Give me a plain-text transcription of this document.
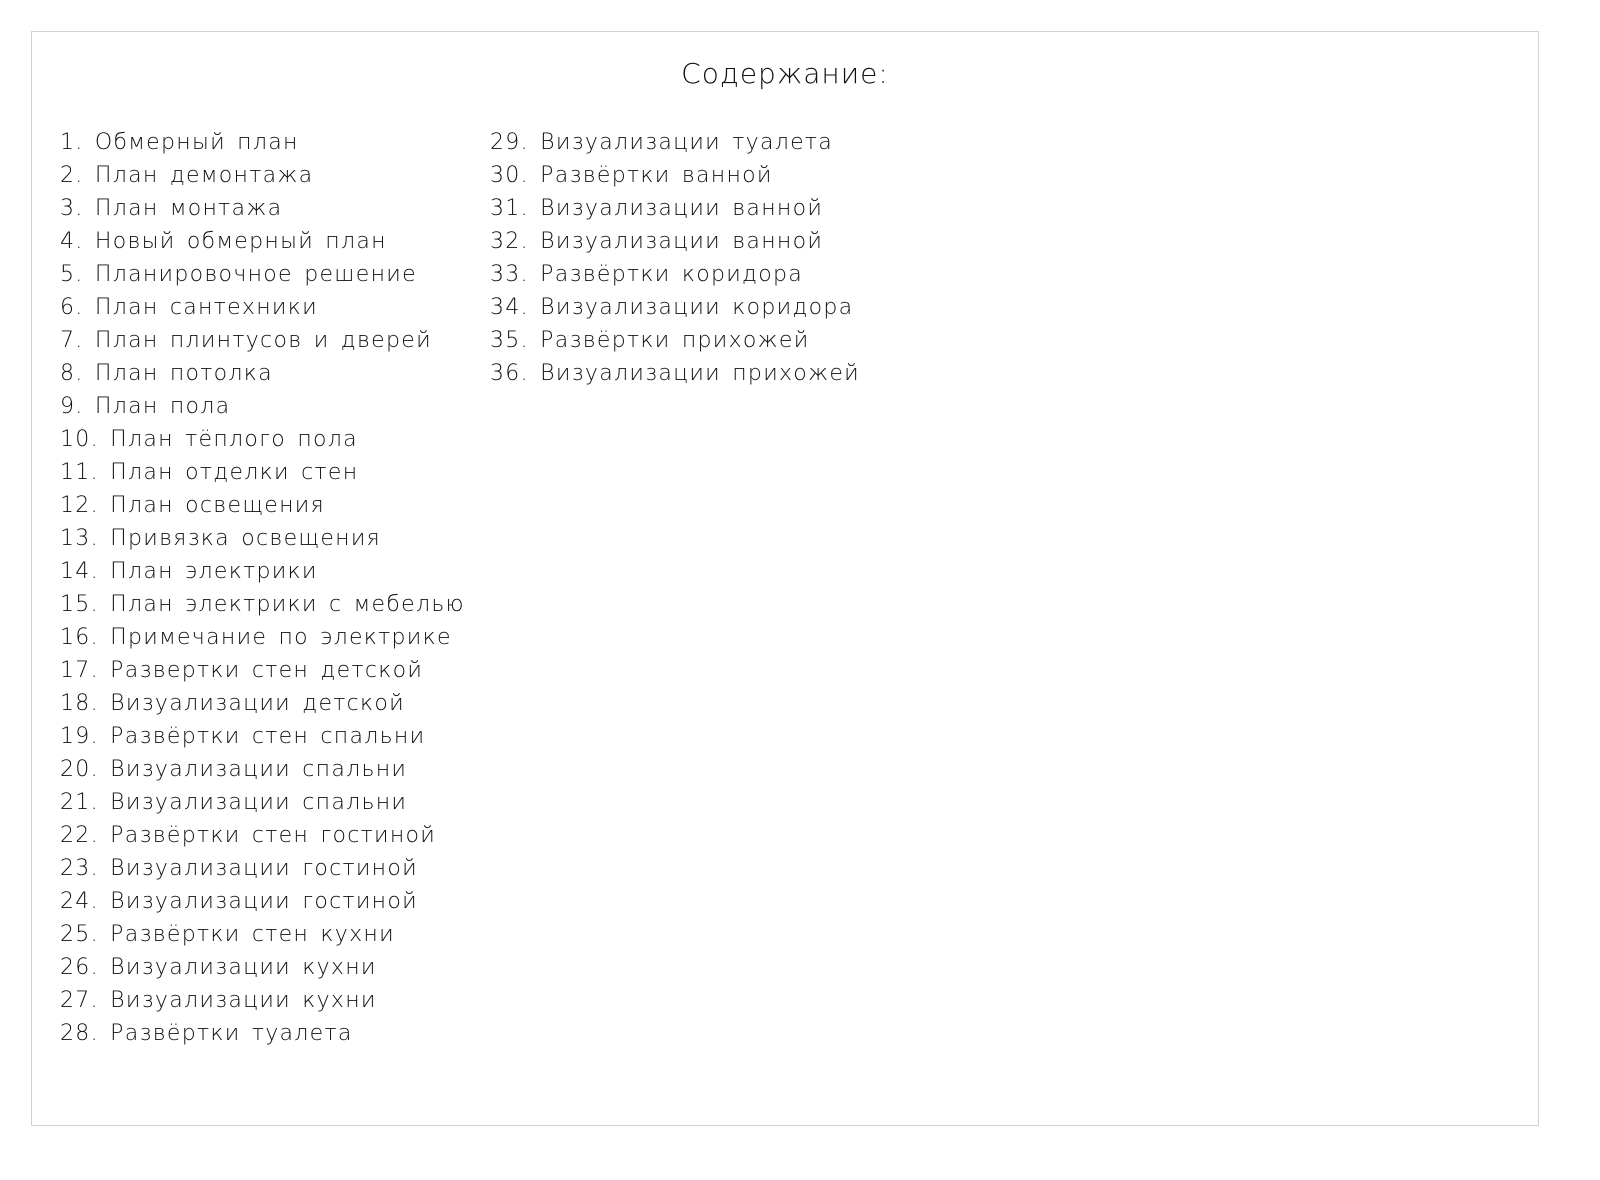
Содержание:
1. Обмерный план
2. План демонтажа
3. План монтажа
4. Новый обмерный план
5. Планировочное решение
6. План сантехники
7. План плинтусов и дверей
8. План потолка
9. План пола
10. План тёплого пола
11. План отделки стен
12. План освещения
13. Привязка освещения
14. План электрики
15. План электрики с мебелью
16. Примечание по электрике
17. Развертки стен детской
18. Визуализации детской
19. Развёртки стен спальни
20. Визуализации спальни
21. Визуализации спальни
22. Развёртки стен гостиной
23. Визуализации гостиной
24. Визуализации гостиной
25. Развёртки стен кухни
26. Визуализации кухни
27. Визуализации кухни
28. Развёртки туалета
29. Визуализации туалета
30. Развёртки ванной
31. Визуализации ванной
32. Визуализации ванной
33. Развёртки коридора
34. Визуализации коридора
35. Развёртки прихожей
36. Визуализации прихожей
